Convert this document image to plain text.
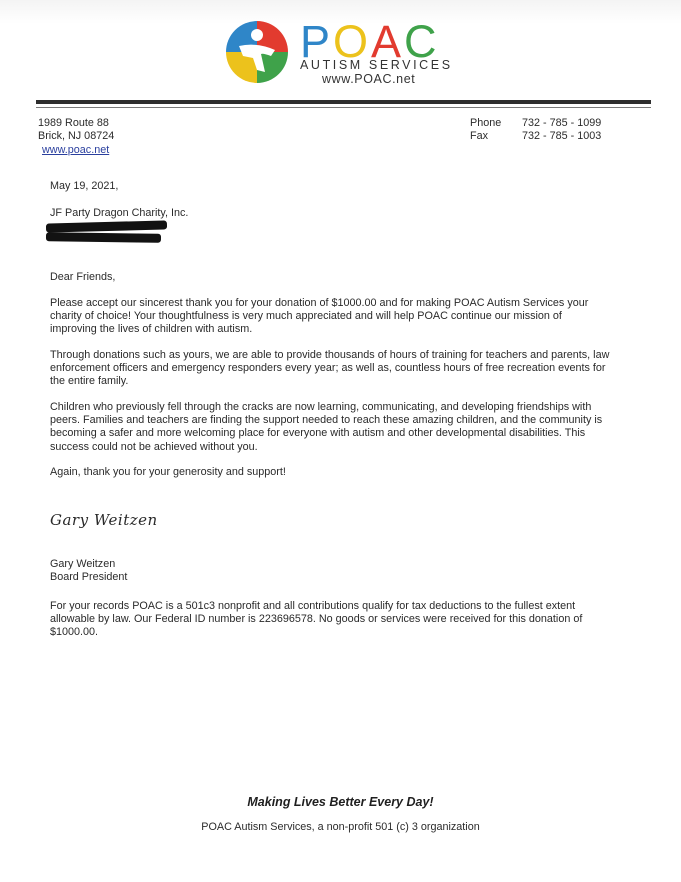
POAC
AUTISM SERVICES
www.POAC.net
1989 Route 88
Brick, NJ 08724
www.poac.net
Phone 732 - 785 - 1099
Fax	732 - 785 - 1003
May 19, 2021,
JF Party Dragon Charity, Inc.
Dear Friends,
Please accept our sincerest thank you for your donation of $1000.00 and for making POAC Autism Services your
charity of choice! Your thoughtfulness is very much appreciated and will help POAC continue our mission of
improving the lives of children with autism.
Through donations such as yours, we are able to provide thousands of hours of training for teachers and parents, law
enforcement officers and emergency responders every year; as well as, countless hours of free recreation events for
the entire family.
Children who previously fell through the cracks are now learning, communicating, and developing friendships with
peers. Families and teachers are finding the support needed to reach these amazing children, and the community is
becoming a safer and more welcoming place for everyone with autism and other developmental disabilities. This
success could not be achieved without you.
Again, thank you for your generosity and support!
Gary Weitzen
Gary Weitzen
Board President
For your records POAC is a 501c3 nonprofit and all contributions qualify for tax deductions to the fullest extent
allowable by law. Our Federal ID number is 223696578. No goods or services were received for this donation of
$1000.00.
Making Lives Better Every Day!
POAC Autism Services, a non-profit 501 (c) 3 organization
